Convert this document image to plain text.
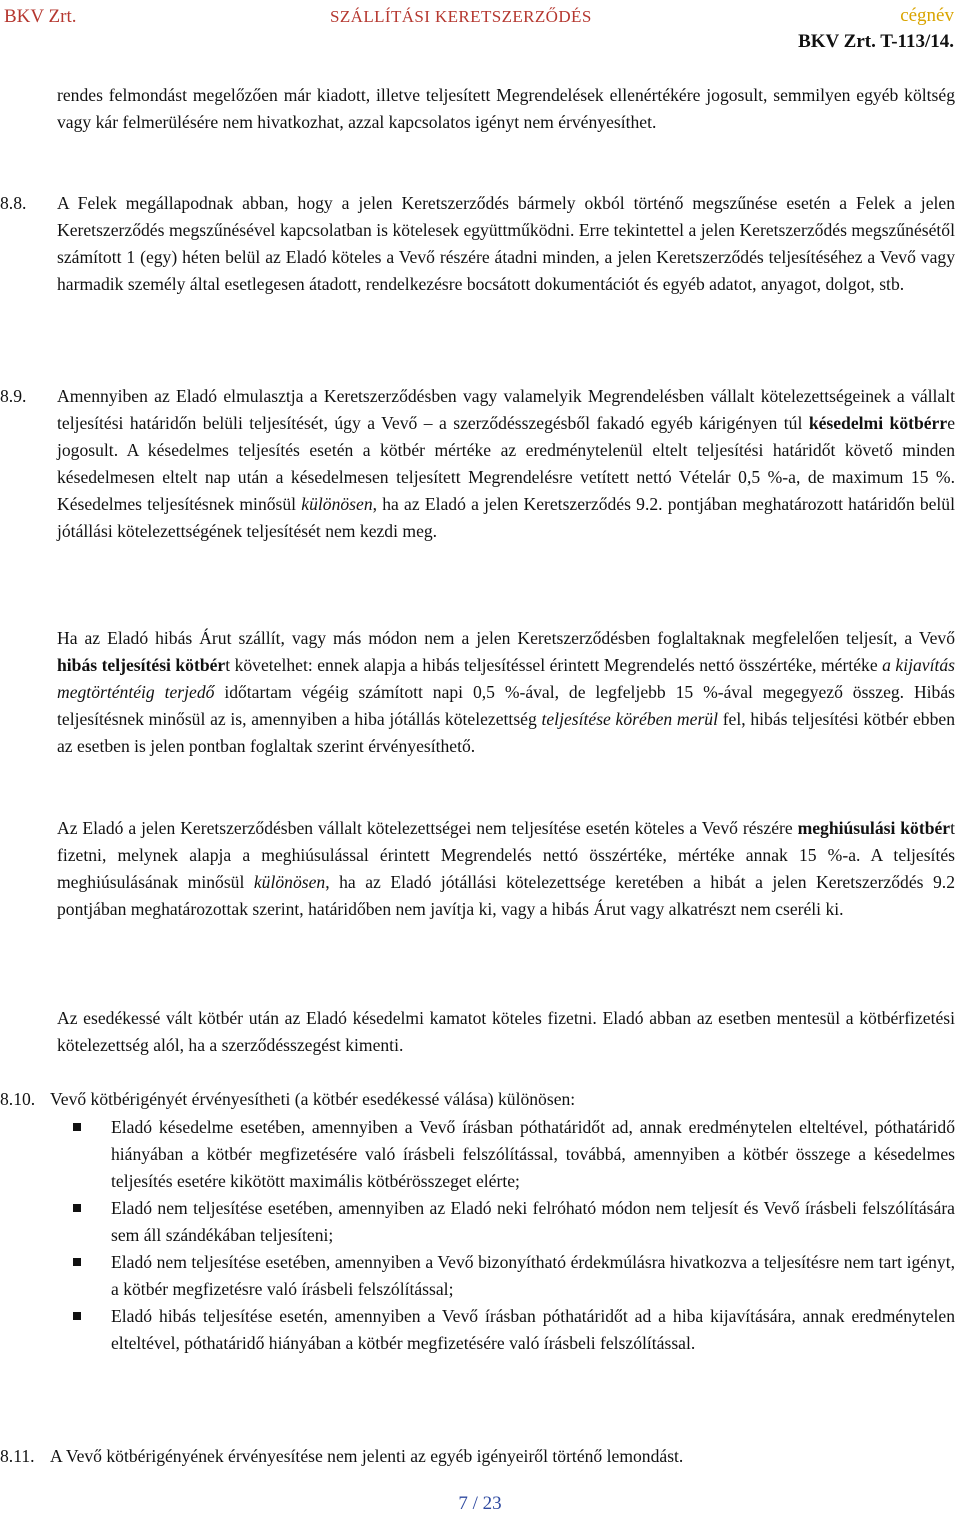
BKV Zrt.	SZÁLLÍTÁSI KERETSZERZŐDÉS	cégnév
BKV Zrt. T-113/14.

rendes felmondást megelőzően már kiadott, illetve teljesített Megrendelések ellenértékére jogosult, semmilyen egyéb költség vagy kár felmerülésére nem hivatkozhat, azzal kapcsolatos igényt nem érvényesíthet.

8.8. A Felek megállapodnak abban, hogy a jelen Keretszerződés bármely okból történő megszűnése esetén a Felek a jelen Keretszerződés megszűnésével kapcsolatban is kötelesek együttműködni. Erre tekintettel a jelen Keretszerződés megszűnésétől számított 1 (egy) héten belül az Eladó köteles a Vevő részére átadni minden, a jelen Keretszerződés teljesítéséhez a Vevő vagy harmadik személy által esetlegesen átadott, rendelkezésre bocsátott dokumentációt és egyéb adatot, anyagot, dolgot, stb.

8.9. Amennyiben az Eladó elmulasztja a Keretszerződésben vagy valamelyik Megrendelésben vállalt kötelezettségeinek a vállalt teljesítési határidőn belüli teljesítését, úgy a Vevő – a szerződésszegésből fakadó egyéb kárigényen túl késedelmi kötbérre jogosult. A késedelmes teljesítés esetén a kötbér mértéke az eredménytelenül eltelt teljesítési határidőt követő minden késedelmesen eltelt nap után a késedelmesen teljesített Megrendelésre vetített nettó Vételár 0,5 %-a, de maximum 15 %. Késedelmes teljesítésnek minősül különösen, ha az Eladó a jelen Keretszerződés 9.2. pontjában meghatározott határidőn belül jótállási kötelezettségének teljesítését nem kezdi meg.

Ha az Eladó hibás Árut szállít, vagy más módon nem a jelen Keretszerződésben foglaltaknak megfelelően teljesít, a Vevő hibás teljesítési kötbért követelhet: ennek alapja a hibás teljesítéssel érintett Megrendelés nettó összértéke, mértéke a kijavítás megtörténtéig terjedő időtartam végéig számított napi 0,5 %-ával, de legfeljebb 15 %-ával megegyező összeg. Hibás teljesítésnek minősül az is, amennyiben a hiba jótállás kötelezettség teljesítése körében merül fel, hibás teljesítési kötbér ebben az esetben is jelen pontban foglaltak szerint érvényesíthető.

Az Eladó a jelen Keretszerződésben vállalt kötelezettségei nem teljesítése esetén köteles a Vevő részére meghiúsulási kötbért fizetni, melynek alapja a meghiúsulással érintett Megrendelés nettó összértéke, mértéke annak 15 %-a. A teljesítés meghiúsulásának minősül különösen, ha az Eladó jótállási kötelezettsége keretében a hibát a jelen Keretszerződés 9.2 pontjában meghatározottak szerint, határidőben nem javítja ki, vagy a hibás Árut vagy alkatrészt nem cseréli ki.

Az esedékessé vált kötbér után az Eladó késedelmi kamatot köteles fizetni. Eladó abban az esetben mentesül a kötbérfizetési kötelezettség alól, ha a szerződésszegést kimenti.

8.10. Vevő kötbérigényét érvényesítheti (a kötbér esedékessé válása) különösen:

Eladó késedelme esetében, amennyiben a Vevő írásban póthatáridőt ad, annak eredménytelen elteltével, póthatáridő hiányában a kötbér megfizetésére való írásbeli felszólítással, továbbá, amennyiben a kötbér összege a késedelmes teljesítés esetére kikötött maximális kötbérösszeget elérte;
Eladó nem teljesítése esetében, amennyiben az Eladó neki felróható módon nem teljesít és Vevő írásbeli felszólítására sem áll szándékában teljesíteni;
Eladó nem teljesítése esetében, amennyiben a Vevő bizonyítható érdekmúlásra hivatkozva a teljesítésre nem tart igényt, a kötbér megfizetésre való írásbeli felszólítással;
Eladó hibás teljesítése esetén, amennyiben a Vevő írásban póthatáridőt ad a hiba kijavítására, annak eredménytelen elteltével, póthatáridő hiányában a kötbér megfizetésére való írásbeli felszólítással.
8.11. A Vevő kötbérigényének érvényesítése nem jelenti az egyéb igényeiről történő lemondást.

7 / 23
